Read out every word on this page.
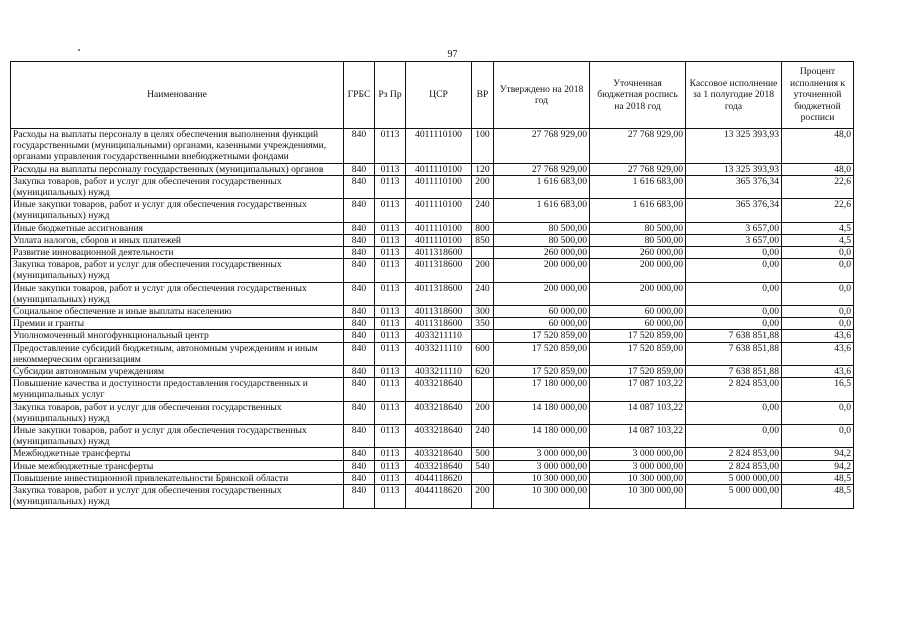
97
Наименование	ГРБС	Рз Пр	ЦСР	ВР	Утверждено на 2018 год	Уточненная бюджетная роспись на 2018 год	Кассовое исполнение за 1 полугодие 2018 года	Процент исполнения к уточненной бюджетной росписи
Расходы на выплаты персоналу в целях обеспечения выполнения функций государственными (муниципальными) органами, казенными учреждениями, органами управления государственными внебюджетными фондами	840	0113	4011110100	100	27 768 929,00	27 768 929,00	13 325 393,93	48,0
Расходы на выплаты персоналу государственных (муниципальных) органов	840	0113	4011110100	120	27 768 929,00	27 768 929,00	13 325 393,93	48,0
Закупка товаров, работ и услуг для обеспечения государственных (муниципальных) нужд	840	0113	4011110100	200	1 616 683,00	1 616 683,00	365 376,34	22,6
Иные закупки товаров, работ и услуг для обеспечения государственных (муниципальных) нужд	840	0113	4011110100	240	1 616 683,00	1 616 683,00	365 376,34	22,6
Иные бюджетные ассигнования	840	0113	4011110100	800	80 500,00	80 500,00	3 657,00	4,5
Уплата налогов, сборов и иных платежей	840	0113	4011110100	850	80 500,00	80 500,00	3 657,00	4,5
Развитие инновационной деятельности	840	0113	4011318600		260 000,00	260 000,00	0,00	0,0
Закупка товаров, работ и услуг для обеспечения государственных (муниципальных) нужд	840	0113	4011318600	200	200 000,00	200 000,00	0,00	0,0
Иные закупки товаров, работ и услуг для обеспечения государственных (муниципальных) нужд	840	0113	4011318600	240	200 000,00	200 000,00	0,00	0,0
Социальное обеспечение и иные выплаты населению	840	0113	4011318600	300	60 000,00	60 000,00	0,00	0,0
Премии и гранты	840	0113	4011318600	350	60 000,00	60 000,00	0,00	0,0
Уполномоченный многофункциональный центр	840	0113	4033211110		17 520 859,00	17 520 859,00	7 638 851,88	43,6
Предоставление субсидий бюджетным, автономным учреждениям и иным некоммерческим организациям	840	0113	4033211110	600	17 520 859,00	17 520 859,00	7 638 851,88	43,6
Субсидии автономным учреждениям	840	0113	4033211110	620	17 520 859,00	17 520 859,00	7 638 851,88	43,6
Повышение качества и доступности предоставления государственных и муниципальных услуг	840	0113	4033218640		17 180 000,00	17 087 103,22	2 824 853,00	16,5
Закупка товаров, работ и услуг для обеспечения государственных (муниципальных) нужд	840	0113	4033218640	200	14 180 000,00	14 087 103,22	0,00	0,0
Иные закупки товаров, работ и услуг для обеспечения государственных (муниципальных) нужд	840	0113	4033218640	240	14 180 000,00	14 087 103,22	0,00	0,0
Межбюджетные трансферты	840	0113	4033218640	500	3 000 000,00	3 000 000,00	2 824 853,00	94,2
Иные межбюджетные трансферты	840	0113	4033218640	540	3 000 000,00	3 000 000,00	2 824 853,00	94,2
Повышение инвестиционной привлекательности Брянской области	840	0113	4044118620		10 300 000,00	10 300 000,00	5 000 000,00	48,5
Закупка товаров, работ и услуг для обеспечения государственных (муниципальных) нужд	840	0113	4044118620	200	10 300 000,00	10 300 000,00	5 000 000,00	48,5
